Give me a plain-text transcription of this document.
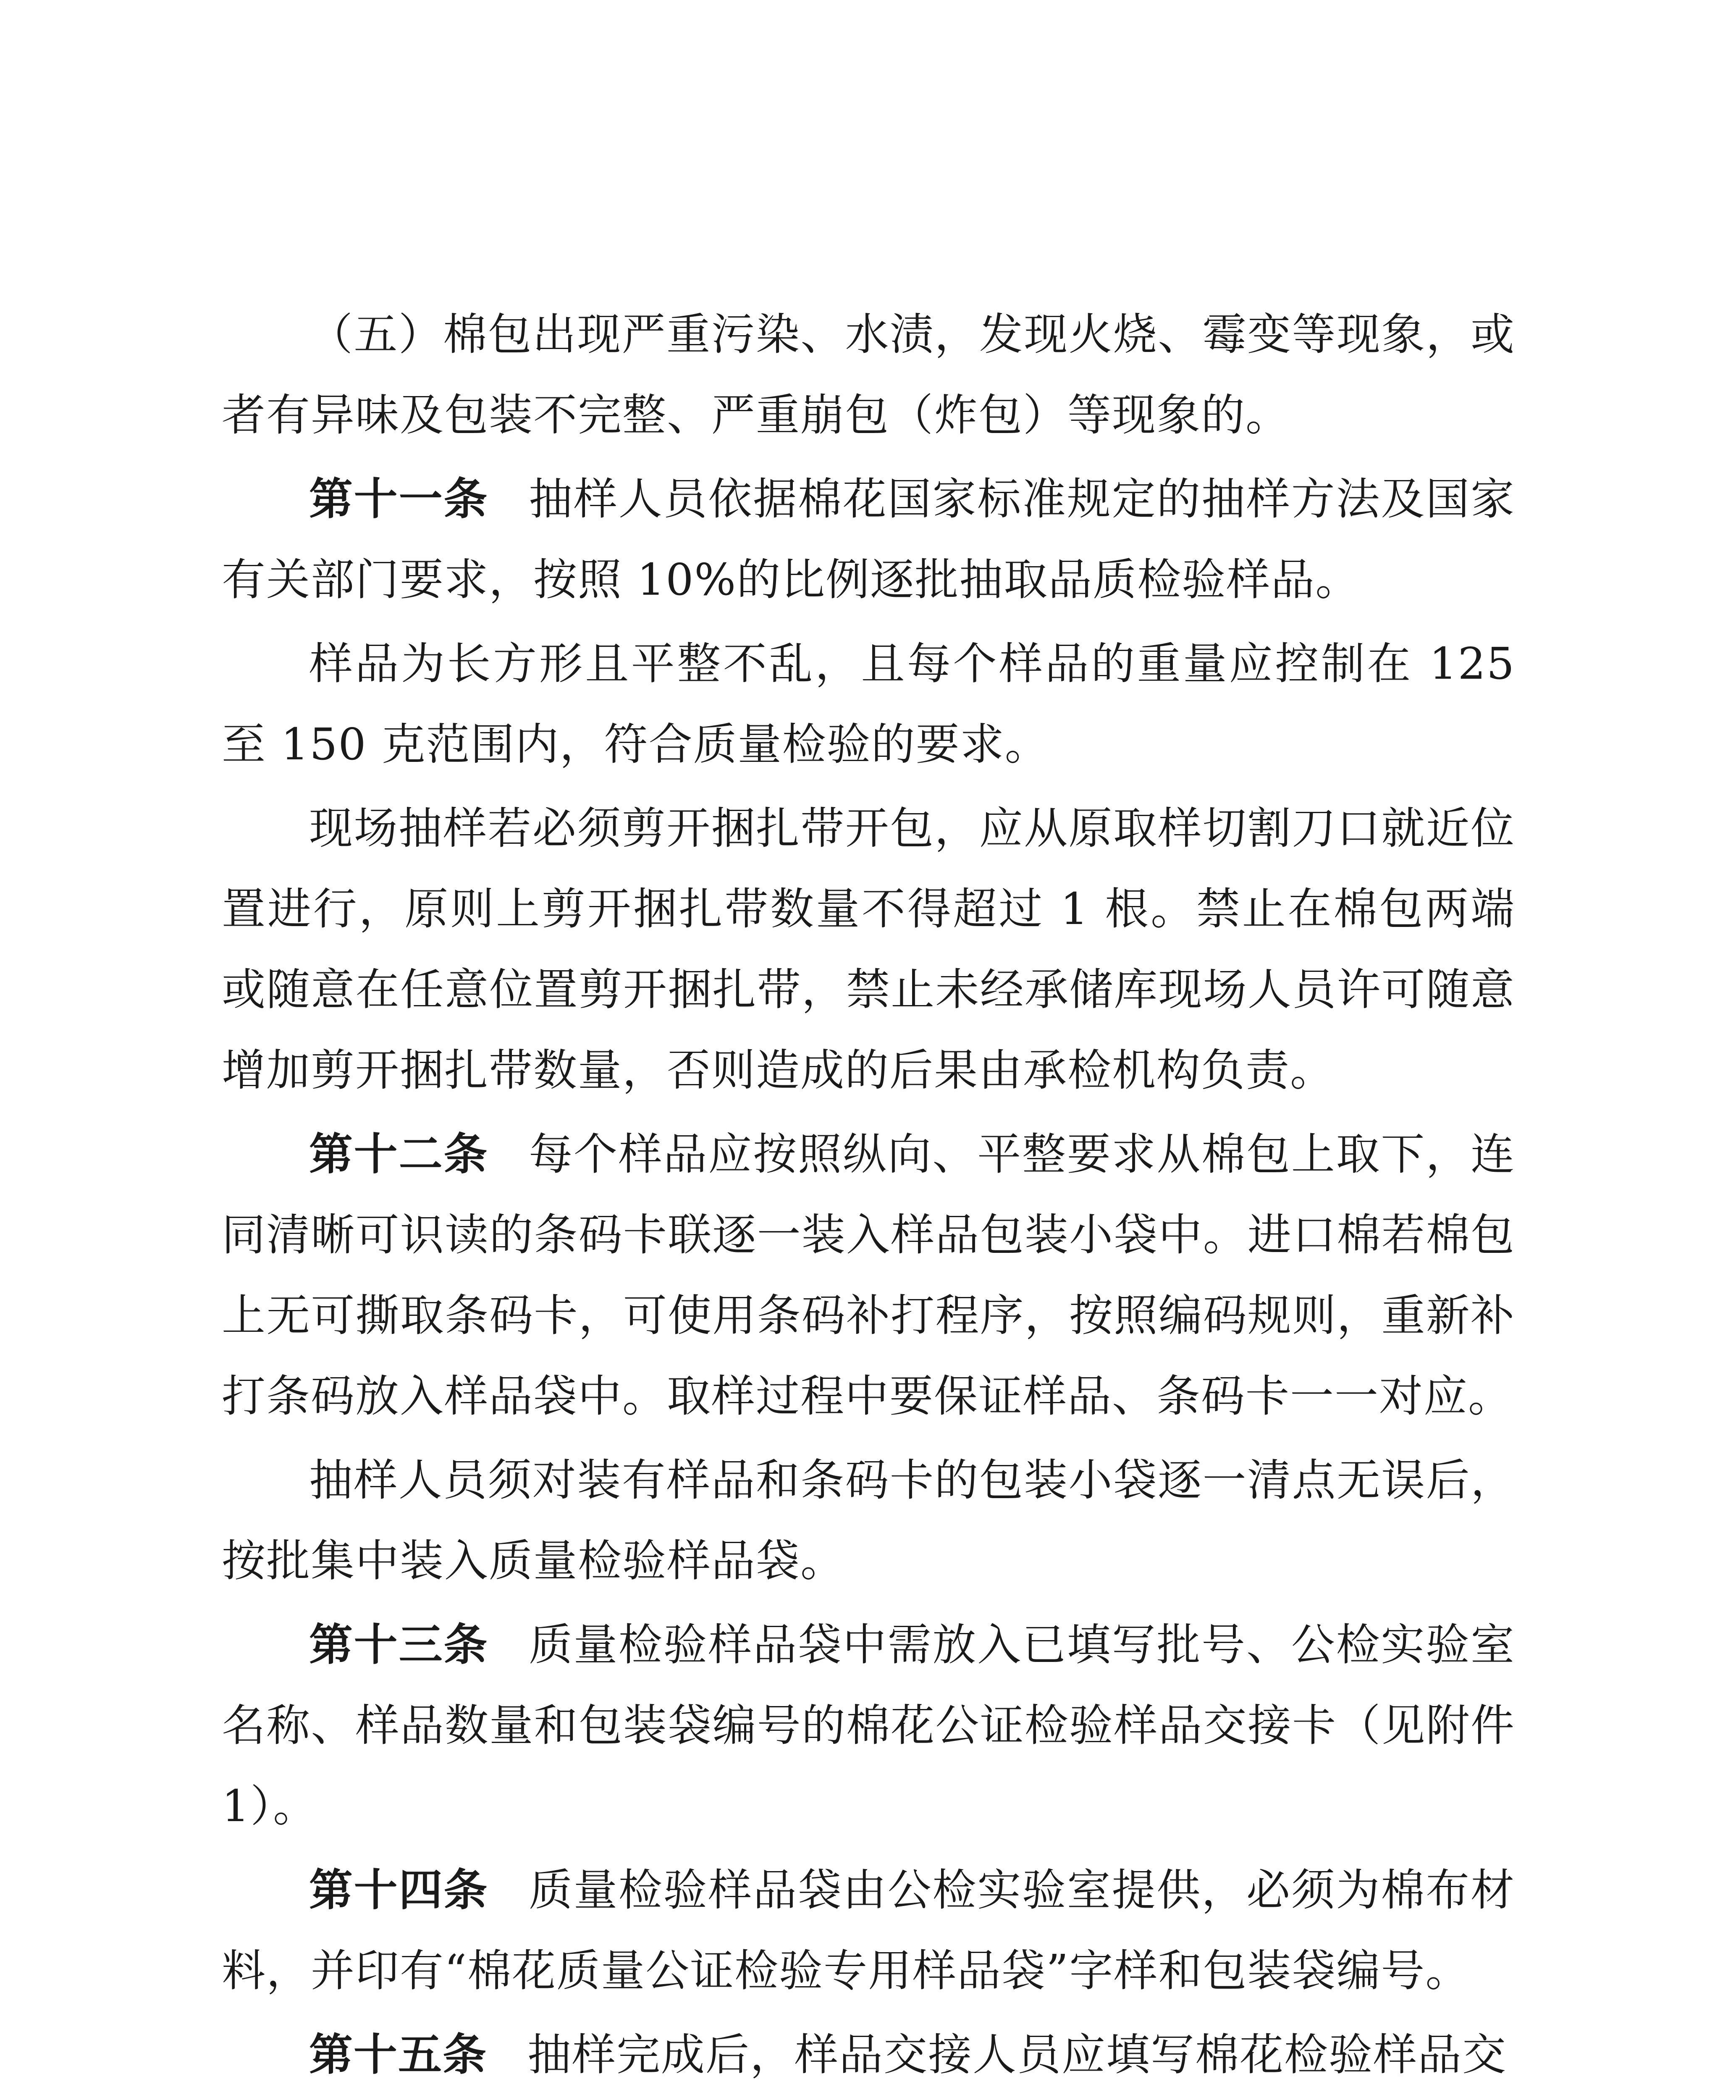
（五）棉包出现严重污染、水渍，发现火烧、霉变等现象，或者有异味及包装不完整、严重崩包（炸包）等现象的。

第十一条 抽样人员依据棉花国家标准规定的抽样方法及国家有关部门要求，按照 10%的比例逐批抽取品质检验样品。

样品为长方形且平整不乱，且每个样品的重量应控制在 125 至 150 克范围内，符合质量检验的要求。

现场抽样若必须剪开捆扎带开包，应从原取样切割刀口就近位置进行，原则上剪开捆扎带数量不得超过 1 根。禁止在棉包两端或随意在任意位置剪开捆扎带，禁止未经承储库现场人员许可随意增加剪开捆扎带数量，否则造成的后果由承检机构负责。

第十二条 每个样品应按照纵向、平整要求从棉包上取下，连同清晰可识读的条码卡联逐一装入样品包装小袋中。进口棉若棉包上无可撕取条码卡，可使用条码补打程序，按照编码规则，重新补打条码放入样品袋中。取样过程中要保证样品、条码卡一一对应。

抽样人员须对装有样品和条码卡的包装小袋逐一清点无误后，按批集中装入质量检验样品袋。

第十三条 质量检验样品袋中需放入已填写批号、公检实验室名称、样品数量和包装袋编号的棉花公证检验样品交接卡（见附件 1）。

第十四条 质量检验样品袋由公检实验室提供，必须为棉布材料，并印有“棉花质量公证检验专用样品袋”字样和包装袋编号。

第十五条 抽样完成后，样品交接人员应填写棉花检验样品交
